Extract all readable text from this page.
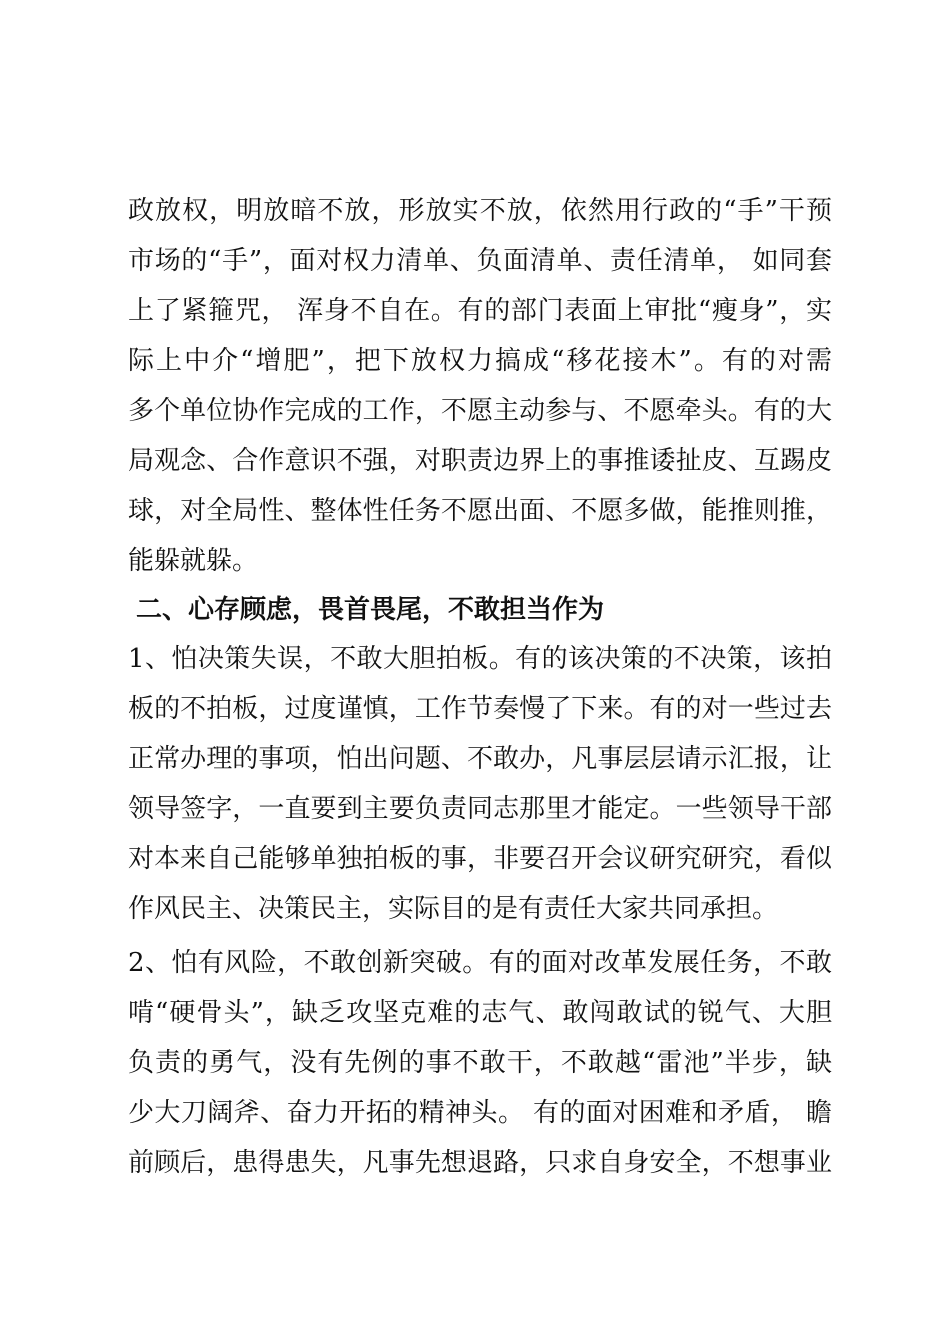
政放权，明放暗不放，形放实不放，依然用行政的“手”干预
市场的“手”，面对权力清单、负面清单、责任清单， 如同套
上了紧箍咒， 浑身不自在。有的部门表面上审批“瘦身”，实
际上中介“增肥”，把下放权力搞成“移花接木”。有的对需
多个单位协作完成的工作，不愿主动参与、不愿牵头。有的大
局观念、合作意识不强，对职责边界上的事推诿扯皮、互踢皮
球，对全局性、整体性任务不愿出面、不愿多做，能推则推，
能躲就躲。
二、心存顾虑，畏首畏尾，不敢担当作为
1、怕决策失误，不敢大胆拍板。有的该决策的不决策，该拍
板的不拍板，过度谨慎，工作节奏慢了下来。有的对一些过去
正常办理的事项，怕出问题、不敢办，凡事层层请示汇报，让
领导签字，一直要到主要负责同志那里才能定。一些领导干部
对本来自己能够单独拍板的事，非要召开会议研究研究，看似
作风民主、决策民主，实际目的是有责任大家共同承担。
2、怕有风险，不敢创新突破。有的面对改革发展任务，不敢
啃“硬骨头”，缺乏攻坚克难的志气、敢闯敢试的锐气、大胆
负责的勇气，没有先例的事不敢干，不敢越“雷池”半步，缺
少大刀阔斧、奋力开拓的精神头。 有的面对困难和矛盾， 瞻
前顾后，患得患失，凡事先想退路，只求自身安全，不想事业
